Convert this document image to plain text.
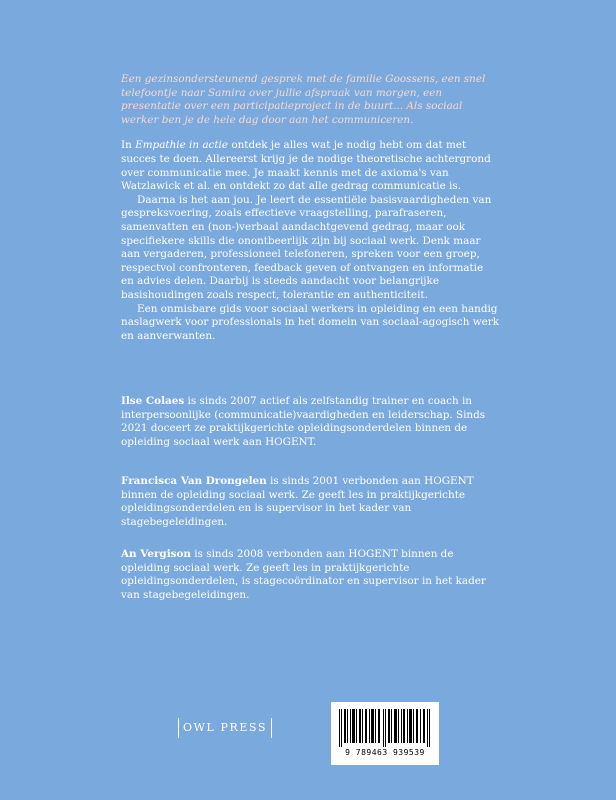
Een gezinsondersteunend gesprek met de familie Goossens, een snel telefoontje naar Samira over jullie afspraak van morgen, een presentatie over een participatieproject in de buurt... Als sociaal werker ben je de hele dag door aan het communiceren.

In Empathie in actie ontdek je alles wat je nodig hebt om dat met succes te doen. Allereerst krijg je de nodige theoretische achtergrond over communicatie mee. Je maakt kennis met de axioma's van Watzlawick et al. en ontdekt zo dat alle gedrag communicatie is.

Daarna is het aan jou. Je leert de essentiële basisvaardigheden van gespreksvoering, zoals effectieve vraagstelling, parafraseren, samenvatten en (non-)verbaal aandachtgevend gedrag, maar ook specifiekere skills die onontbeerlijk zijn bij sociaal werk. Denk maar aan vergaderen, professioneel telefoneren, spreken voor een groep, respectvol confronteren, feedback geven of ontvangen en informatie en advies delen. Daarbij is steeds aandacht voor belangrijke basishoudingen zoals respect, tolerantie en authenticiteit.

Een onmisbare gids voor sociaal werkers in opleiding en een handig naslagwerk voor professionals in het domein van sociaal-agogisch werk en aanverwanten.

Ilse Colaes is sinds 2007 actief als zelfstandig trainer en coach in interpersoonlijke (communicatie)vaardigheden en leiderschap. Sinds 2021 doceert ze praktijkgerichte opleidingsonderdelen binnen de opleiding sociaal werk aan HOGENT.

Francisca Van Drongelen is sinds 2001 verbonden aan HOGENT binnen de opleiding sociaal werk. Ze geeft les in praktijkgerichte opleidingsonderdelen en is supervisor in het kader van stagebegeleidingen.

An Vergison is sinds 2008 verbonden aan HOGENT binnen de opleiding sociaal werk. Ze geeft les in praktijkgerichte opleidingsonderdelen, is stagecoördinator en supervisor in het kader van stagebegeleidingen.

OWL PRESS
9 789463 939539
